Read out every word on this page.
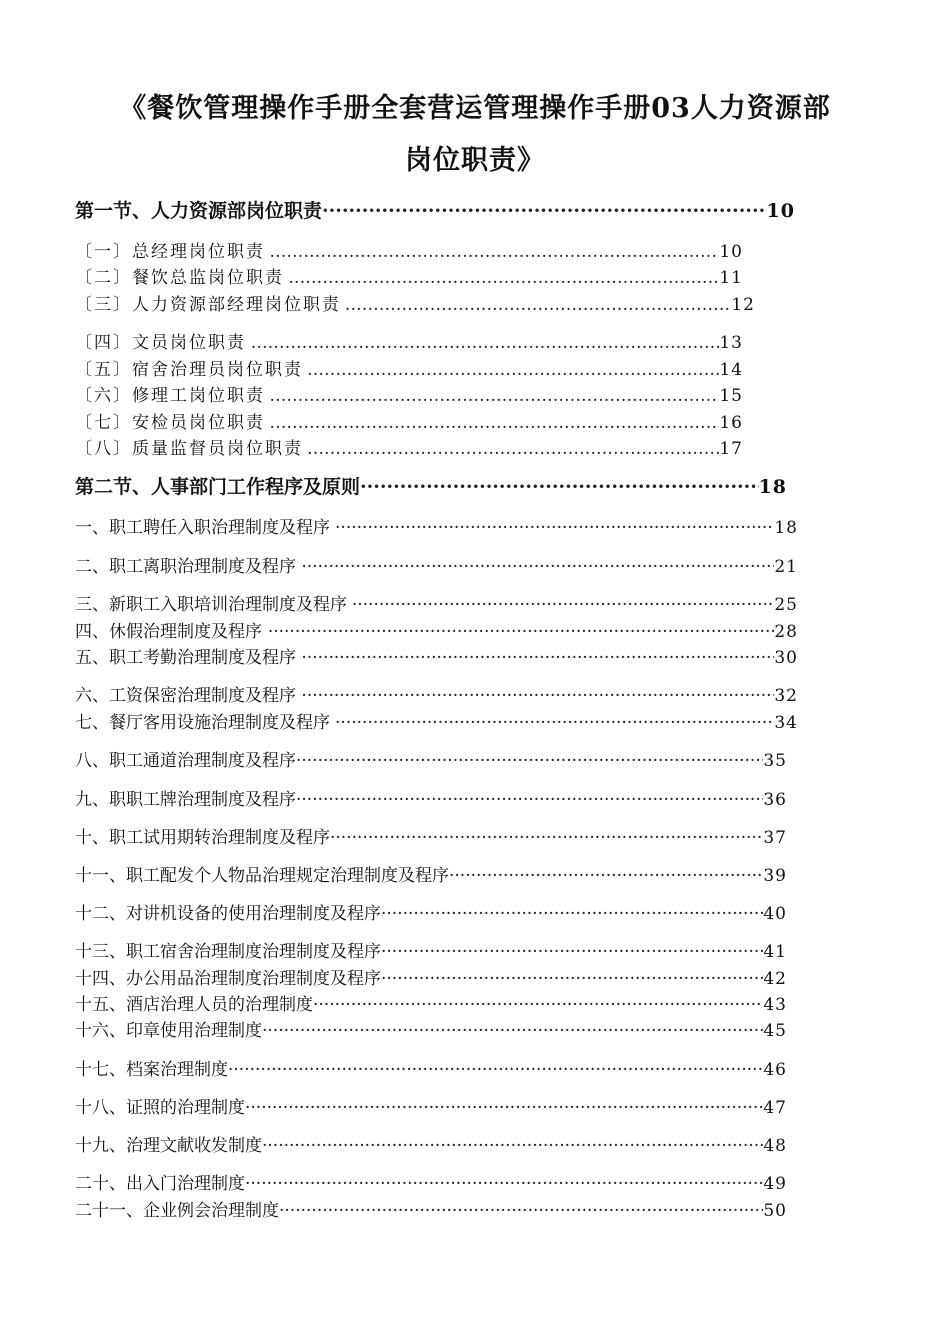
《餐饮管理操作手册全套营运管理操作手册03人力资源部
岗位职责》
第一节、人力资源部岗位职责 ·····	10
〔一〕总经理岗位职责 ………………………………………………………………………………………………………………………………………………………………………………………………………………………………	10
〔二〕餐饮总监岗位职责 ………………………………………………………………………………………………………………………………………………………………………………………………………………………………	11
〔三〕人力资源部经理岗位职责 ………………………………………………………………………………………………………………………………………………………………………………………………………………………………	12
〔四〕文员岗位职责 ………………………………………………………………………………………………………………………………………………………………………………………………………………………………	13
〔五〕宿舍治理员岗位职责 ………………………………………………………………………………………………………………………………………………………………………………………………………………………………	14
〔六〕修理工岗位职责 ………………………………………………………………………………………………………………………………………………………………………………………………………………………………	15
〔七〕安检员岗位职责 ………………………………………………………………………………………………………………………………………………………………………………………………………………………………	16
〔八〕质量监督员岗位职责 ………………………………………………………………………………………………………………………………………………………………………………………………………………………………	17
第二节、人事部门工作程序及原则 ·····	18
一、职工聘任入职治理制度及程序 ·····	18
二、职工离职治理制度及程序 ·····	21
三、新职工入职培训治理制度及程序 ·····	25
四、休假治理制度及程序 ·····	28
五、职工考勤治理制度及程序 ·····	30
六、工资保密治理制度及程序 ·····	32
七、餐厅客用设施治理制度及程序 ·····	34
八、职工通道治理制度及程序 ·····	35
九、职职工牌治理制度及程序 ·····	36
十、职工试用期转治理制度及程序 ·····	37
十一、职工配发个人物品治理规定治理制度及程序 ·····	39
十二、对讲机设备的使用治理制度及程序 ·····	40
十三、职工宿舍治理制度治理制度及程序 ·····	41
十四、办公用品治理制度治理制度及程序 ·····	42
十五、酒店治理人员的治理制度 ·····	43
十六、印章使用治理制度 ·····	45
十七、档案治理制度 ·····	46
十八、证照的治理制度 ·····	47
十九、治理文献收发制度 ·····	48
二十、出入门治理制度 ·····	49
二十一、企业例会治理制度 ·····	50
